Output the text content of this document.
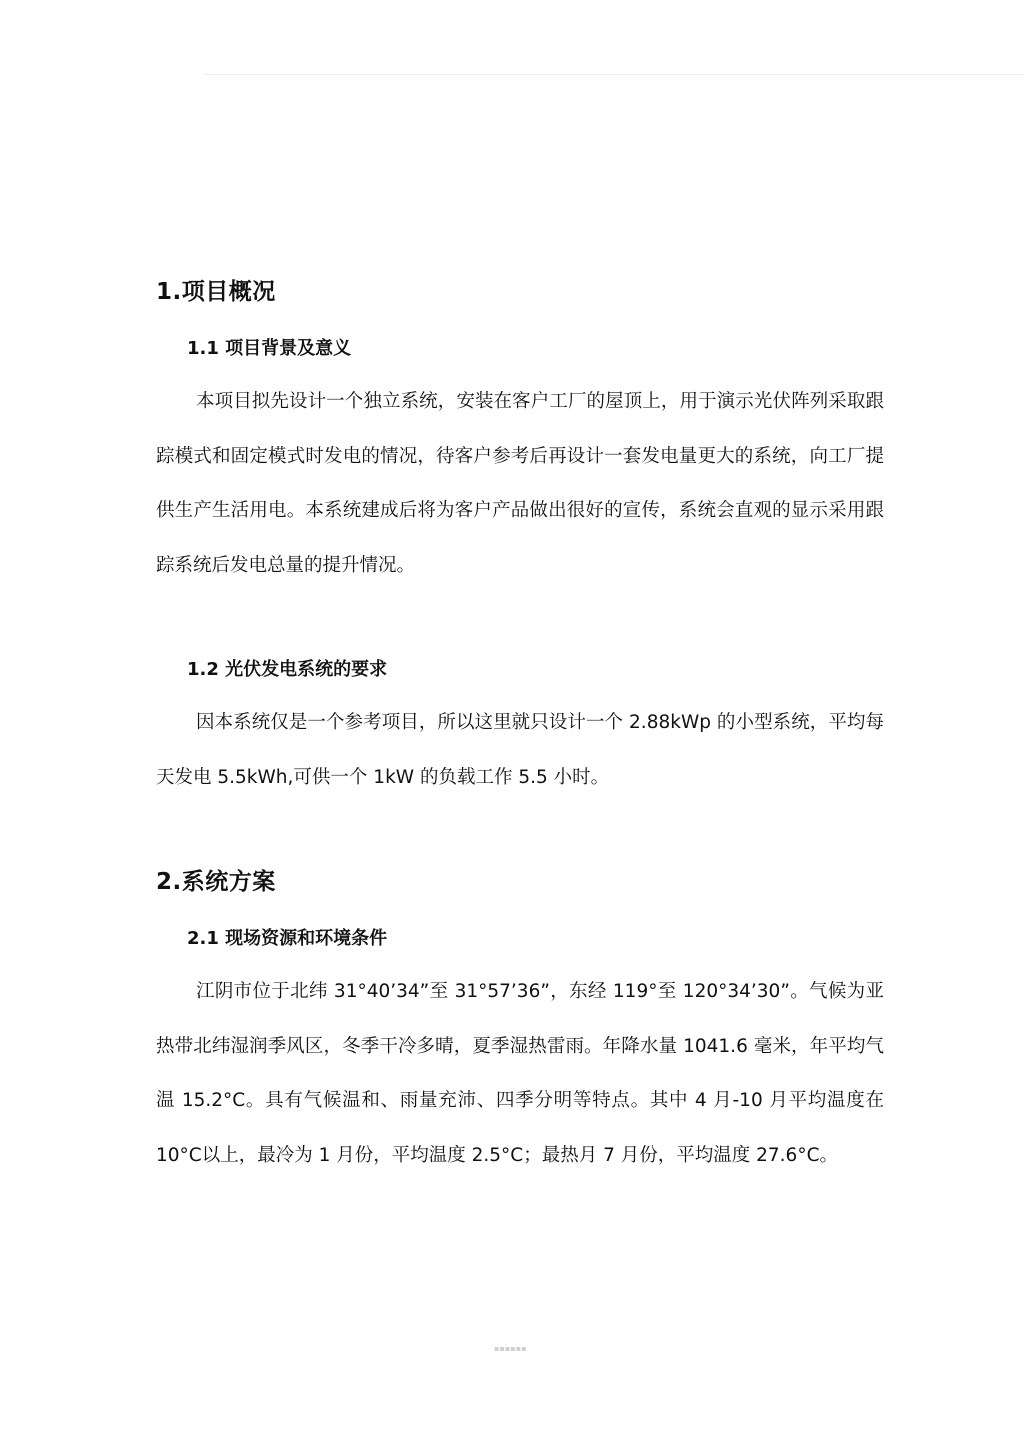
1.项目概况
1.1 项目背景及意义

本项目拟先设计一个独立系统，安装在客户工厂的屋顶上，用于演示光伏阵列采取跟踪模式和固定模式时发电的情况，待客户参考后再设计一套发电量更大的系统，向工厂提供生产生活用电。本系统建成后将为客户产品做出很好的宣传，系统会直观的显示采用跟踪系统后发电总量的提升情况。

1.2 光伏发电系统的要求

因本系统仅是一个参考项目，所以这里就只设计一个 2.88kWp 的小型系统，平均每天发电 5.5kWh,可供一个 1kW 的负载工作 5.5 小时。

2.系统方案
2.1 现场资源和环境条件

江阴市位于北纬 31°40’34”至 31°57’36”，东经 119°至 120°34’30”。气候为亚热带北纬湿润季风区，冬季干冷多晴，夏季湿热雷雨。年降水量 1041.6 毫米，年平均气温 15.2°C。具有气候温和、雨量充沛、四季分明等特点。其中 4 月-10 月平均温度在 10°C以上，最冷为 1 月份，平均温度 2.5°C；最热月 7 月份，平均温度 27.6°C。

▪▪▪▪▪▪
